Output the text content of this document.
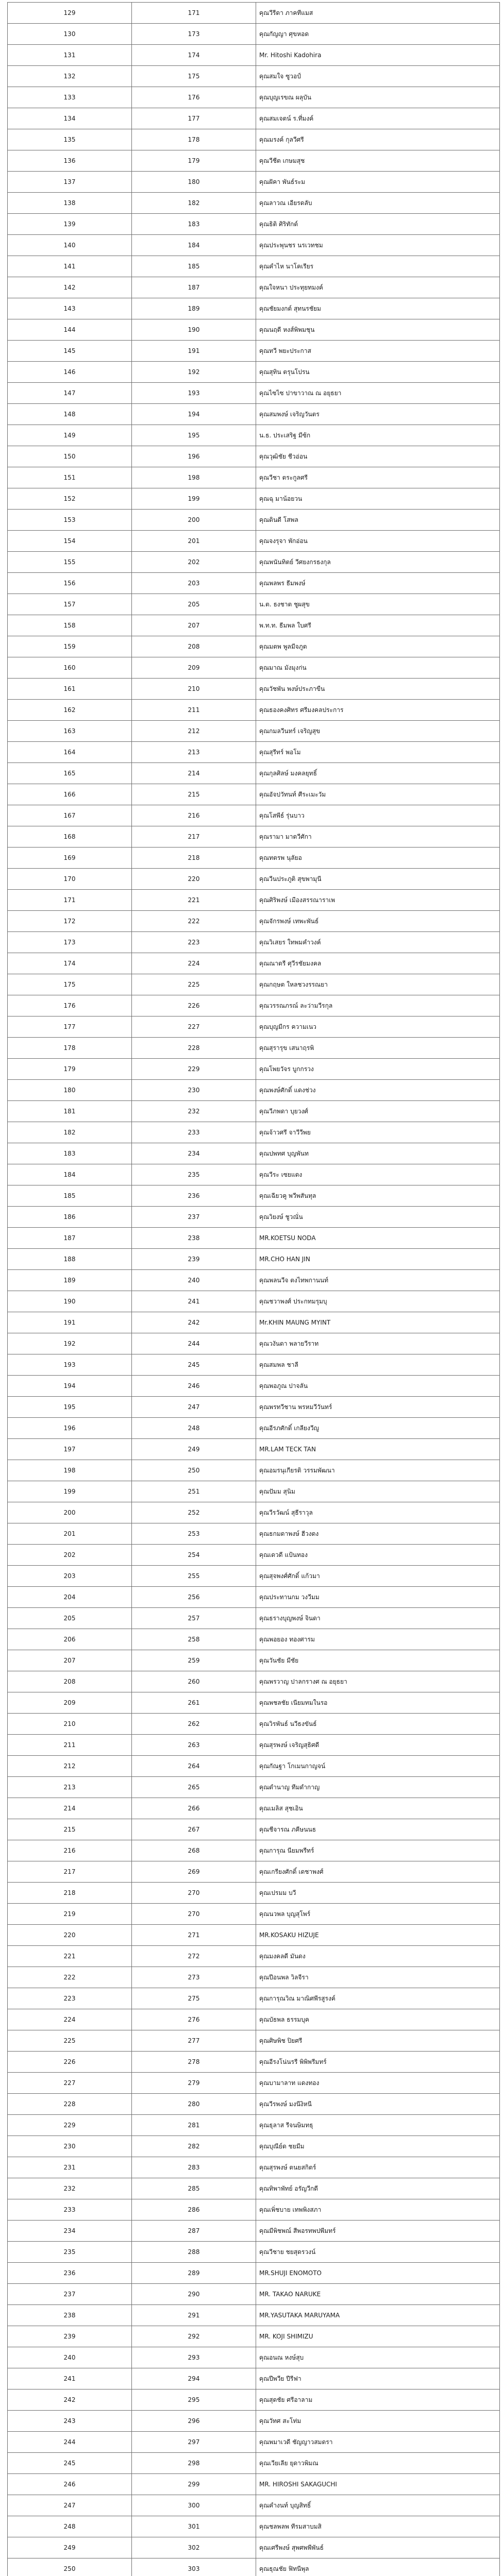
129	171	คุณวีรีดา ภาคทีแมส
130	173	คุณกัญญา ศุขหอด
131	174	Mr. Hitoshi Kadohira
132	175	คุณสมใจ ซูวอป์
133	176	คุณบุญเรขณ ผลุบัน
134	177	คุณสมเจตน์ ร.ที่มงค์
135	178	คุณมรงค์ กุลวีศรี
136	179	คุณวีชีต เกษมสุช
137	180	คุณฝัคา พันธ์ระม
138	182	คุณลาวณ เอียรดลับ
139	183	คุณธิติ ศิริทักด์
140	184	คุณประพุนชร นรเวทชม
141	185	คุณคำไห นาโคเรียร
142	187	คุณใจหนา ประทุยทมงค์
143	189	คุณชัยมงกต์ สุทนรชัยม
144	190	คุณนฤดี หงส์พิพมชุน
145	191	คุณทวี พยะประกาส
146	192	คุณสุทิน ตรุนโปรน
147	193	คุณไซไซ ปาขาวาณ ณ อยุธยา
148	194	คุณสมพงษ์ เจริญวันตร
149	195	น.ธ. ประเสริฐ มีซ้ก
150	196	คุณวุฒิชัย ชีวอ่อน
151	198	คุณวีชา ตระกูลศรี
152	199	คุณฉุ มาน้อยวน
153	200	คุณดินดี โสพล
154	201	คุณจงรุจา พักอ่อน
155	202	คุณพนันทิตย์ วีศยงกรธงกุล
156	203	คุณพลพร ธีมพงษ์
157	205	น.ต. ธงชาต ชูผสุข
158	207	พ.ท.ท. ธีมพล ใบศรี
159	208	คุณมตพ พูลมีจภูต
160	209	คุณมาณ มังมุงก่น
161	210	คุณวัชพัน พงษ์ประภาขืน
162	211	คุณธองคงศิทร ศรีมงคลประการ
163	212	คุณกมลวีนทร์ เจริญสุข
164	213	คุณสุรีทร์ พอโม
165	214	คุณกุลศิลษ์ มงคลยุทธิ์
166	215	คุณอัจปวัทนท์ ศีระเมะวัม
167	216	คุณโสพีธ์ รุ่นบาว
168	217	คุณรามา มาดวีศักา
169	218	คุณทตรพ นุลัยอ
170	220	คุณวีนประภูติ สุขพามุนี
171	221	คุณศิริพงษ์ เมืองสรรณาราเพ
172	222	คุณจักรพงษ์ เทพะพันธ์
173	223	คุณวิเสยร ใทพมคำวงค์
174	224	คุณณาดรี ศุวีรชัยมงคล
175	225	คุณกฤษต ใหลชวงรรณยา
176	226	คุณวรรณภรณ์ ละว่ามวีรกุล
177	227	คุณบุญมีกร ความเนว
178	228	คุณสุรารุข เสนาฤรพิ
179	229	คุณโพยวัจร บูกกรวง
180	230	คุณพงษ์ศักดิ์ แดงช่วง
181	232	คุณวีภพดา บุยวงศ์
182	233	คุณจ้าวศรี จาวีวีพย
183	234	คุณปพทศ บุญพันท
184	235	คุณวีระ เซยแดง
185	236	คุณเฉียวคู พวีพสันทุล
186	237	คุณวิยงษ์ ชูวณั่น
187	238	MR.KOETSU NODA
188	239	MR.CHO HAN JIN
189	240	คุณพลนวีจ ตงไทพกานนท์
190	241	คุณชวาพงศ์ ประกทมรุมบุ
191	242	Mr.KHIN MAUNG MYINT
192	244	คุณวงันดา พลายวีราท
193	245	คุณสมพล ชาลี
194	246	คุณพอภูณ ปาจลัน
195	247	คุณพรทวีชาน พรหมวีวันทร์
196	248	คุณอีรภศักดิ์ เกลียงวีญู
197	249	MR.LAM TECK TAN
198	250	คุณอมรนุเกียรติ วรรมพัฒนา
199	251	คุณปัมม สุนิม
200	252	คุณวีรวัฒน์ สุธีราวุล
201	253	คุณธกมดาพงษ์ ฮีวงดง
202	254	คุณเดวดี แป้นทอง
203	255	คุณสุจพงศ์ศักดิ์ แก้วมา
204	256	คุณประทานกม วงวีมม
205	257	คุณธรางบุญพงษ์ จินดา
206	258	คุณพอยอง ทองศารม
207	259	คุณวันชัย มีชัย
208	260	คุณพรวาญ ปาลกรางศ ณ อยุธยา
209	261	คุณพชลชัย เนียมทมในรอ
210	262	คุณวิรพันธ์ นวีธงขันธ์
211	263	คุณสุรพงษ์ เจริญสุธิศดี
212	264	คุณกัณฐา โกเมนกาญจน์
213	265	คุณดำนาญ ทีมดำกาญ
214	266	คุณเมลิส สุชเอิน
215	267	คุณชีจารณ ภคีษนนธ
216	268	คุณการุณ นียมพรีทร์
217	269	คุณเกรียงศักดิ์ เดชาพงศ์
218	270	คุณเปรมม บวี
219	270	คุณนวพล บุญสุโพร์
220	271	MR.KOSAKU HIZUJE
221	272	คุณมงคลดี มันดง
222	273	คุณปีอนพล วิลจีรา
223	275	คุณการุณวิณ มาณิศพีรสูรงค์
224	276	คุณบัธพล ธรรมบุค
225	277	คุณศิษพิช ปิยศรี
226	278	คุณอีรงโน่นรรี พิพิพรีมทร์
227	279	คุณบามาลาท แดงทอง
228	280	คุณวีรพงษ์ มงนีงิหนี
229	281	คุณธุลาส รีจนษิมทธุ
230	282	คุณบุณีย์ด ชยมีม
231	283	คุณสุรพงษ์ ตนยสกิตร์
232	285	คุณทิพาพัทย์ อรัญวีกดี
233	286	คุณเพิ่ชบาย เทพพิงสภา
234	287	คุณมีพิชพณ์ สีพอรทพปพีมทร์
235	288	คุณวีชาย ชยสุดรวงน์
236	289	MR.SHUJI ENOMOTO
237	290	MR. TAKAO NARUKE
238	291	MR.YASUTAKA MARUYAMA
239	292	MR. KOJI SHIMIZU
240	293	คุณอนณ หงษ์สุบ
241	294	คุณปีพวีย ปีรีฟา
242	295	คุณสุดชัย ศรีอาลาม
243	296	คุณวัทศ สะโท่ม
244	297	คุณพมาเวดี ชัญญาวสมดรา
245	298	คุณเวียเลีย ยุดาวพิมณ
246	299	MR. HIROSHI SAKAGUCHI
247	300	คุณคำงนท์ บุญสิทธิ์
248	301	คุณชลพลพ ทีรมสาบมสิ
249	302	คุณเศรีพงษ์ สุพศพพีพันธ์
250	303	คุณธุณชัย ฟิทนีพุล
